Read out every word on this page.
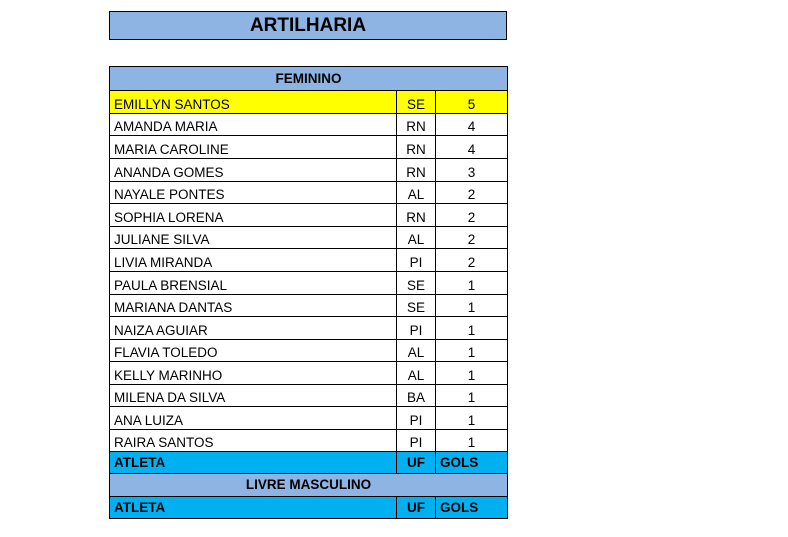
ARTILHARIA
FEMININO		
EMILLYN SANTOS	SE	5
AMANDA MARIA	RN	4
MARIA CAROLINE	RN	4
ANANDA GOMES	RN	3
NAYALE PONTES	AL	2
SOPHIA LORENA	RN	2
JULIANE SILVA	AL	2
LIVIA MIRANDA	PI	2
PAULA BRENSIAL	SE	1
MARIANA DANTAS	SE	1
NAIZA AGUIAR	PI	1
FLAVIA TOLEDO	AL	1
KELLY MARINHO	AL	1
MILENA DA SILVA	BA	1
ANA LUIZA	PI	1
RAIRA SANTOS	PI	1
ATLETA	UF	GOLS
LIVRE MASCULINO		
ATLETA	UF	GOLS
